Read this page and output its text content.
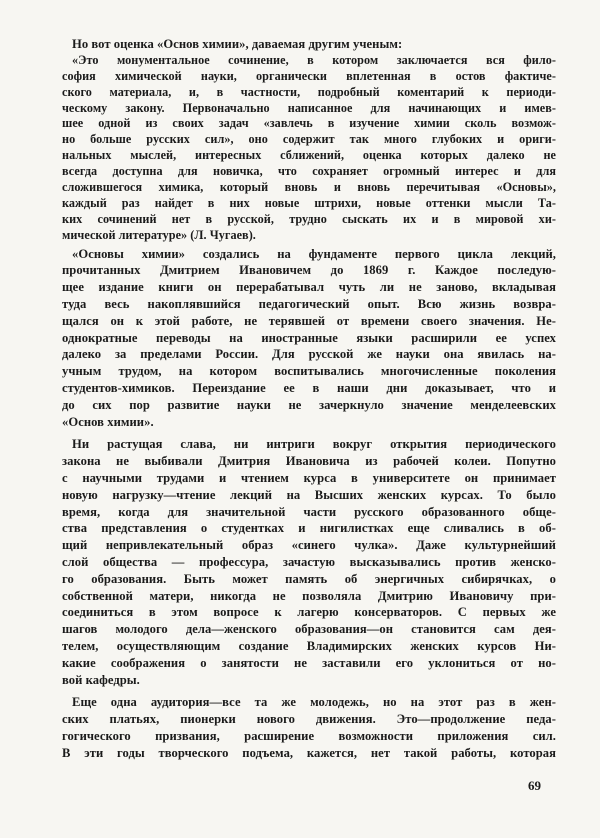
Но вот оценка «Основ химии», даваемая другим ученым:
«Это монументальное сочинение, в котором заключается вся фило-
софия химической науки, органически вплетенная в остов фактиче-
ского материала, и, в частности, подробный коментарий к периоди-
ческому закону. Первоначально написанное для начинающих и имев-
шее одной из своих задач «завлечь в изучение химии сколь возмож-
но больше русских сил», оно содержит так много глубоких и ориги-
нальных мыслей, интересных сближений, оценка которых далеко не
всегда доступна для новичка, что сохраняет огромный интерес и для
сложившегося химика, который вновь и вновь перечитывая «Основы»,
каждый раз найдет в них новые штрихи, новые оттенки мысли Та-
ких сочинений нет в русской, трудно сыскать их и в мировой хи-
мической литературе» (Л. Чугаев).
«Основы химии» создались на фундаменте первого цикла лекций,
прочитанных Дмитрием Ивановичем до 1869 г. Каждое последую-
щее издание книги он перерабатывал чуть ли не заново, вкладывая
туда весь накоплявшийся педагогический опыт. Всю жизнь возвра-
щался он к этой работе, не терявшей от времени своего значения. Не-
однократные переводы на иностранные языки расширили ее успех
далеко за пределами России. Для русской же науки она явилась на-
учным трудом, на котором воспитывались многочисленные поколения
студентов-химиков. Переиздание ее в наши дни доказывает, что и
до сих пор развитие науки не зачеркнуло значение менделеевских
«Основ химии».
Ни растущая слава, ни интриги вокруг открытия периодического
закона не выбивали Дмитрия Ивановича из рабочей колеи. Попутно
с научными трудами и чтением курса в университете он принимает
новую нагрузку—чтение лекций на Высших женских курсах. То было
время, когда для значительной части русского образованного обще-
ства представления о студентках и нигилистках еще сливались в об-
щий непривлекательный образ «синего чулка». Даже культурнейший
слой общества — профессура, зачастую высказывались против женско-
го образования. Быть может память об энергичных сибирячках, о
собственной матери, никогда не позволяла Дмитрию Ивановичу при-
соединиться в этом вопросе к лагерю консерваторов. С первых же
шагов молодого дела—женского образования—он становится сам дея-
телем, осуществляющим создание Владимирских женских курсов Ни-
какие соображения о занятости не заставили его уклониться от но-
вой кафедры.
Еще одна аудитория—все та же молодежь, но на этот раз в жен-
ских платьях, пионерки нового движения. Это—продолжение педа-
гогического призвания, расширение возможности приложения сил.
В эти годы творческого подъема, кажется, нет такой работы, которая
69
